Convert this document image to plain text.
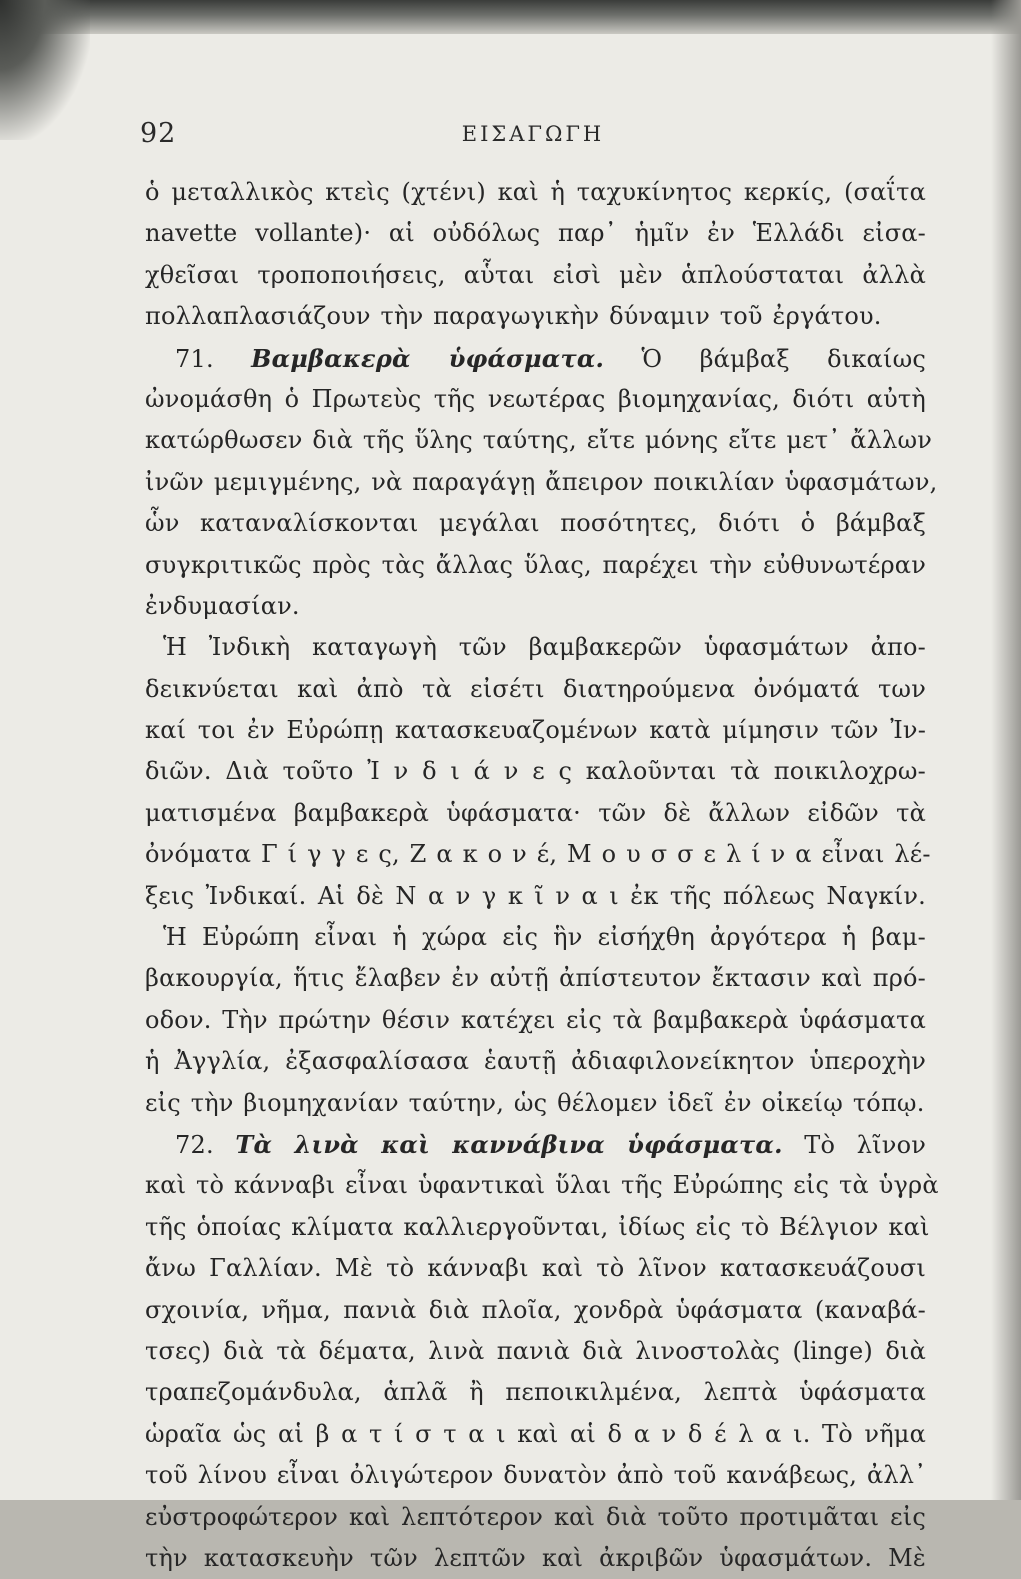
92	ΕΙΣΑΓΩΓΗ
ὁ μεταλλικὸς κτεὶς (χτένι) καὶ ἡ ταχυκίνητος κερκίς, (σαΐτα
navette vollante)· αἱ οὐδόλως παρ᾽ ἡμῖν ἐν Ἑλλάδι εἰσα-
χθεῖσαι τροποποιήσεις, αὗται εἰσὶ μὲν ἁπλούσταται ἀλλὰ
πολλαπλασιάζουν τὴν παραγωγικὴν δύναμιν τοῦ ἐργάτου.
71. Βαμβακερὰ ὑφάσματα. Ὁ βάμβαξ δικαίως
ὠνομάσθη ὁ Πρωτεὺς τῆς νεωτέρας βιομηχανίας, διότι αὐτὴ
κατώρθωσεν διὰ τῆς ὕλης ταύτης, εἴτε μόνης εἴτε μετ᾽ ἄλλων
ἰνῶν μεμιγμένης, νὰ παραγάγῃ ἄπειρον ποικιλίαν ὑφασμάτων,
ὧν καταναλίσκονται μεγάλαι ποσότητες, διότι ὁ βάμβαξ
συγκριτικῶς πρὸς τὰς ἄλλας ὕλας, παρέχει τὴν εὐθυνωτέραν
ἐνδυμασίαν.
Ἡ Ἰνδικὴ καταγωγὴ τῶν βαμβακερῶν ὑφασμάτων ἀπο-
δεικνύεται καὶ ἀπὸ τὰ εἰσέτι διατηρούμενα ὀνόματά των
καί τοι ἐν Εὐρώπῃ κατασκευαζομένων κατὰ μίμησιν τῶν Ἰν-
διῶν. Διὰ τοῦτο Ἰ ν δ ι ά ν ε ς καλοῦνται τὰ ποικιλοχρω-
ματισμένα βαμβακερὰ ὑφάσματα· τῶν δὲ ἄλλων εἰδῶν τὰ
ὀνόματα Γ ί γ γ ε ς, Ζ α κ ο ν έ, Μ ο υ σ σ ε λ ί ν α εἶναι λέ-
ξεις Ἰνδικαί. Αἱ δὲ Ν α ν γ κ ῖ ν α ι ἐκ τῆς πόλεως Ναγκίν.
Ἡ Εὐρώπη εἶναι ἡ χώρα εἰς ἣν εἰσήχθη ἀργότερα ἡ βαμ-
βακουργία, ἥτις ἔλαβεν ἐν αὐτῇ ἀπίστευτον ἔκτασιν καὶ πρό-
οδον. Τὴν πρώτην θέσιν κατέχει εἰς τὰ βαμβακερὰ ὑφάσματα
ἡ Ἀγγλία, ἐξασφαλίσασα ἑαυτῇ ἀδιαφιλονείκητον ὑπεροχὴν
εἰς τὴν βιομηχανίαν ταύτην, ὡς θέλομεν ἰδεῖ ἐν οἰκείῳ τόπῳ.
72. Τὰ λινὰ καὶ καννάβινα ὑφάσματα. Τὸ λῖνον
καὶ τὸ κάνναβι εἶναι ὑφαντικαὶ ὕλαι τῆς Εὐρώπης εἰς τὰ ὑγρὰ
τῆς ὁποίας κλίματα καλλιεργοῦνται, ἰδίως εἰς τὸ Βέλγιον καὶ
ἄνω Γαλλίαν. Μὲ τὸ κάνναβι καὶ τὸ λῖνον κατασκευάζουσι
σχοινία, νῆμα, πανιὰ διὰ πλοῖα, χονδρὰ ὑφάσματα (καναβά-
τσες) διὰ τὰ δέματα, λινὰ πανιὰ διὰ λινοστολὰς (linge) διὰ
τραπεζομάνδυλα, ἁπλᾶ ἢ πεποικιλμένα, λεπτὰ ὑφάσματα
ὡραῖα ὡς αἱ β α τ ί σ τ α ι καὶ αἱ δ α ν δ έ λ α ι. Τὸ νῆμα
τοῦ λίνου εἶναι ὀλιγώτερον δυνατὸν ἀπὸ τοῦ κανάβεως, ἀλλ᾽
εὐστροφώτερον καὶ λεπτότερον καὶ διὰ τοῦτο προτιμᾶται εἰς
τὴν κατασκευὴν τῶν λεπτῶν καὶ ἀκριβῶν ὑφασμάτων. Μὲ
